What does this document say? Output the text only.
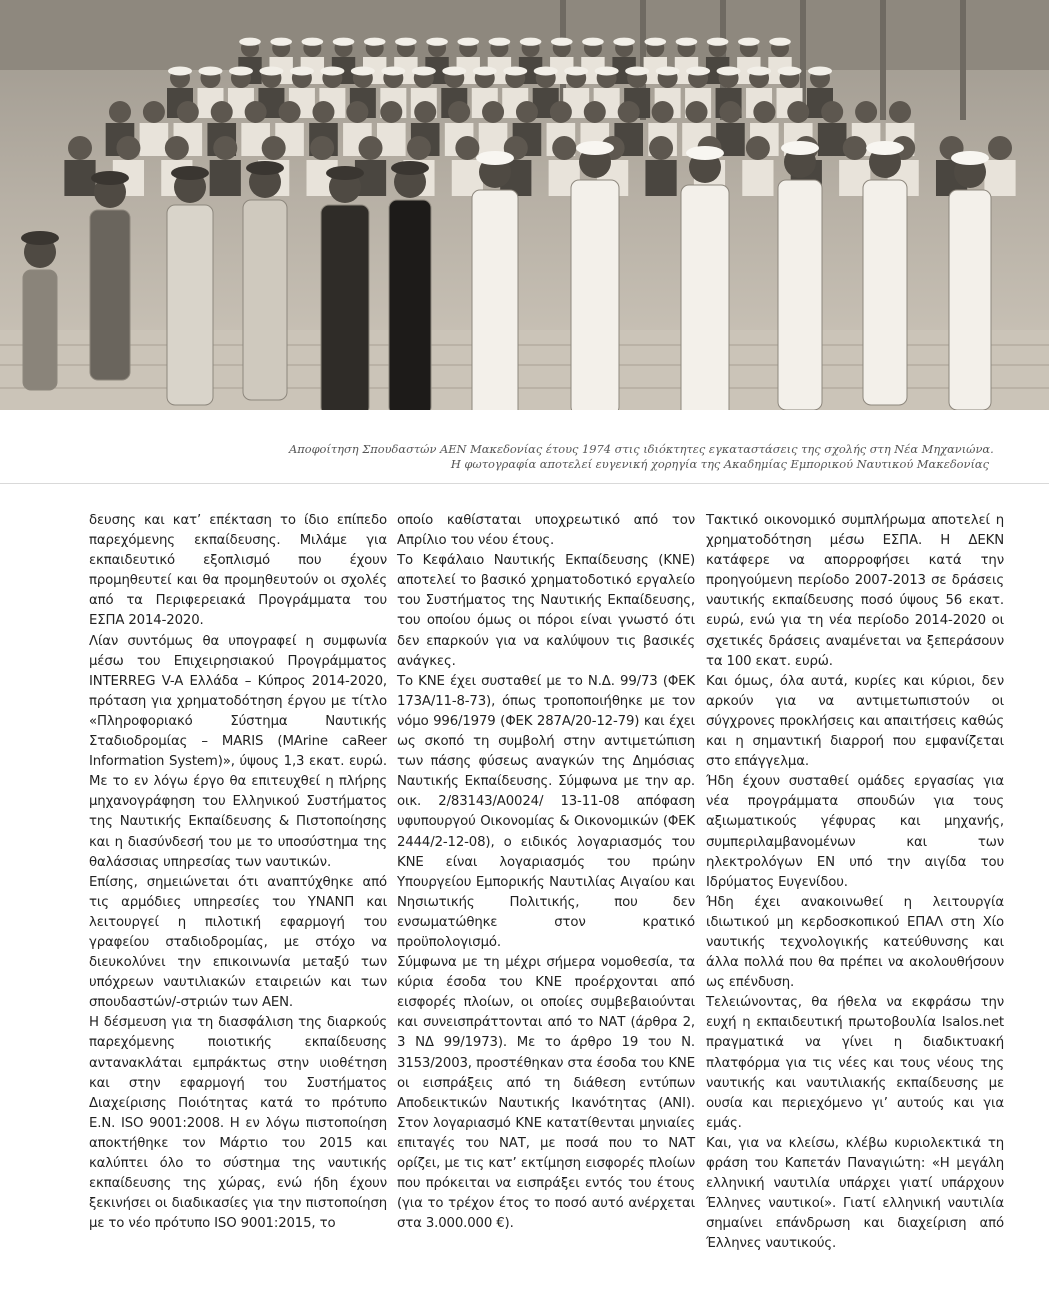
Αποφοίτηση Σπουδαστών ΑΕΝ Μακεδονίας έτους 1974 στις ιδιόκτητες εγκαταστάσεις της σχολής στη Νέα Μηχανιώνα.
Η φωτογραφία αποτελεί ευγενική χορηγία της Ακαδημίας Εμπορικού Ναυτικού Μακεδονίας

δευσης και κατ’ επέκταση το ίδιο επίπεδο παρεχόμενης εκπαίδευσης. Μιλάμε για εκπαιδευτικό εξοπλισμό που έχουν προμηθευτεί και θα προμηθευτούν οι σχολές από τα Περιφερειακά Προγράμματα του ΕΣΠΑ 2014-2020.

Λίαν συντόμως θα υπογραφεί η συμφωνία μέσω του Επιχειρησιακού Προγράμματος INTERREG V-A Ελλάδα – Κύπρος 2014-2020, πρόταση για χρηματοδότηση έργου με τίτλο «Πληροφοριακό Σύστημα Ναυτικής Σταδιοδρομίας – MARIS (MArine caReer Information System)», ύψους 1,3 εκατ. ευρώ. Με το εν λόγω έργο θα επιτευχθεί η πλήρης μηχανογράφηση του Ελληνικού Συστήματος της Ναυτικής Εκπαίδευσης & Πιστοποίησης και η διασύνδεσή του με το υποσύστημα της θαλάσσιας υπηρεσίας των ναυτικών.

Επίσης, σημειώνεται ότι αναπτύχθηκε από τις αρμόδιες υπηρεσίες του ΥΝΑΝΠ και λειτουργεί η πιλοτική εφαρμογή του γραφείου σταδιοδρομίας, με στόχο να διευκολύνει την επικοινωνία μεταξύ των υπόχρεων ναυτιλιακών εταιρειών και των σπουδαστών/-στριών των ΑΕΝ.

Η δέσμευση για τη διασφάλιση της διαρκούς παρεχόμενης ποιοτικής εκπαίδευσης αντανακλάται εμπράκτως στην υιοθέτηση και στην εφαρμογή του Συστήματος Διαχείρισης Ποιότητας κατά το πρότυπο Ε.Ν. ISO 9001:2008. Η εν λόγω πιστοποίηση αποκτήθηκε τον Μάρτιο του 2015 και καλύπτει όλο το σύστημα της ναυτικής εκπαίδευσης της χώρας, ενώ ήδη έχουν ξεκινήσει οι διαδικασίες για την πιστοποίηση με το νέο πρότυπο ISO 9001:2015, το

οποίο καθίσταται υποχρεωτικό από τον Απρίλιο του νέου έτους.

Το Κεφάλαιο Ναυτικής Εκπαίδευσης (ΚΝΕ) αποτελεί το βασικό χρηματοδοτικό εργαλείο του Συστήματος της Ναυτικής Εκπαίδευσης, του οποίου όμως οι πόροι είναι γνωστό ότι δεν επαρκούν για να καλύψουν τις βασικές ανάγκες.

Το ΚΝΕ έχει συσταθεί με το Ν.Δ. 99/73 (ΦΕΚ 173Α/11-8-73), όπως τροποποιήθηκε με τον νόμο 996/1979 (ΦΕΚ 287Α/20-12-79) και έχει ως σκοπό τη συμβολή στην αντιμετώπιση των πάσης φύσεως αναγκών της Δημόσιας Ναυτικής Εκπαίδευσης. Σύμφωνα με την αρ. οικ. 2/83143/Α0024/ 13-11-08 απόφαση υφυπουργού Οικονομίας & Οικονομικών (ΦΕΚ 2444/2-12-08), ο ειδικός λογαριασμός του ΚΝΕ είναι λογαριασμός του πρώην Υπουργείου Εμπορικής Ναυτιλίας Αιγαίου και Νησιωτικής Πολιτικής, που δεν ενσωματώθηκε στον κρατικό προϋπολογισμό.

Σύμφωνα με τη μέχρι σήμερα νομοθεσία, τα κύρια έσοδα του ΚΝΕ προέρχονται από εισφορές πλοίων, οι οποίες συμβεβαιούνται και συνεισπράττονται από το ΝΑΤ (άρθρα 2, 3 ΝΔ 99/1973). Με το άρθρο 19 του Ν. 3153/2003, προστέθηκαν στα έσοδα του ΚΝΕ οι εισπράξεις από τη διάθεση εντύπων Αποδεικτικών Ναυτικής Ικανότητας (ΑΝΙ). Στον λογαριασμό ΚΝΕ κατατίθενται μηνιαίες επιταγές του ΝΑΤ, με ποσά που το ΝΑΤ ορίζει, με τις κατ’ εκτίμηση εισφορές πλοίων που πρόκειται να εισπράξει εντός του έτους (για το τρέχον έτος το ποσό αυτό ανέρχεται στα 3.000.000 €).

Τακτικό οικονομικό συμπλήρωμα αποτελεί η χρηματοδότηση μέσω ΕΣΠΑ. Η ΔΕΚΝ κατάφερε να απορροφήσει κατά την προηγούμενη περίοδο 2007-2013 σε δράσεις ναυτικής εκπαίδευσης ποσό ύψους 56 εκατ. ευρώ, ενώ για τη νέα περίοδο 2014-2020 οι σχετικές δράσεις αναμένεται να ξεπεράσουν τα 100 εκατ. ευρώ.

Και όμως, όλα αυτά, κυρίες και κύριοι, δεν αρκούν για να αντιμετωπιστούν οι σύγχρονες προκλήσεις και απαιτήσεις καθώς και η σημαντική διαρροή που εμφανίζεται στο επάγγελμα.

Ήδη έχουν συσταθεί ομάδες εργασίας για νέα προγράμματα σπουδών για τους αξιωματικούς γέφυρας και μηχανής, συμπεριλαμβανομένων και των ηλεκτρολόγων ΕΝ υπό την αιγίδα του Ιδρύματος Ευγενίδου.

Ήδη έχει ανακοινωθεί η λειτουργία ιδιωτικού μη κερδοσκοπικού ΕΠΑΛ στη Χίο ναυτικής τεχνολογικής κατεύθυνσης και άλλα πολλά που θα πρέπει να ακολουθήσουν ως επένδυση.

Τελειώνοντας, θα ήθελα να εκφράσω την ευχή η εκπαιδευτική πρωτοβουλία Isalos.net πραγματικά να γίνει η διαδικτυακή πλατφόρμα για τις νέες και τους νέους της ναυτικής και ναυτιλιακής εκπαίδευσης με ουσία και περιεχόμενο γι’ αυτούς και για εμάς.

Και, για να κλείσω, κλέβω κυριολεκτικά τη φράση του Καπετάν Παναγιώτη: «Η μεγάλη ελληνική ναυτιλία υπάρχει γιατί υπάρχουν Έλληνες ναυτικοί». Γιατί ελληνική ναυτιλία σημαίνει επάνδρωση και διαχείριση από Έλληνες ναυτικούς.
